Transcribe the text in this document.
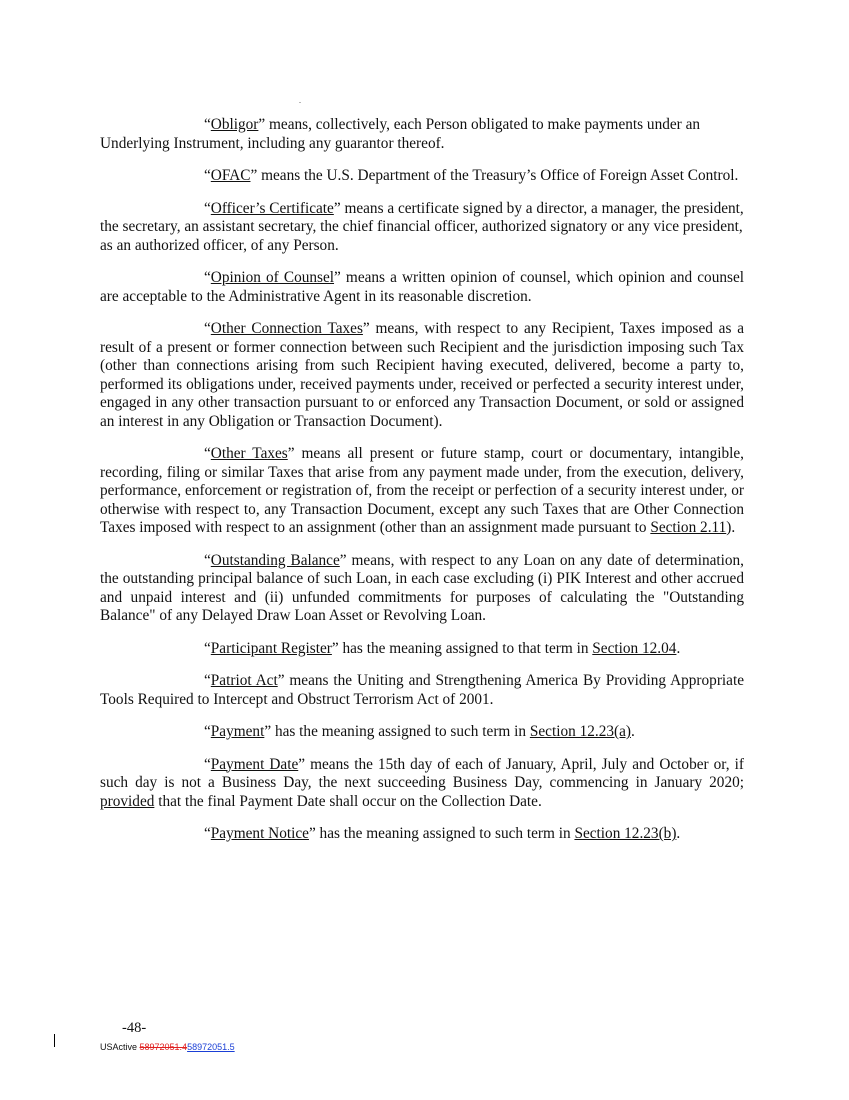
.

“Obligor” means, collectively, each Person obligated to make payments under an Underlying Instrument, including any guarantor thereof.

“OFAC” means the U.S. Department of the Treasury’s Office of Foreign Asset Control.

“Officer’s Certificate” means a certificate signed by a director, a manager, the president, the secretary, an assistant secretary, the chief financial officer, authorized signatory or any vice president, as an authorized officer, of any Person.

“Opinion of Counsel” means a written opinion of counsel, which opinion and counsel are acceptable to the Administrative Agent in its reasonable discretion.

“Other Connection Taxes” means, with respect to any Recipient, Taxes imposed as a result of a present or former connection between such Recipient and the jurisdiction imposing such Tax (other than connections arising from such Recipient having executed, delivered, become a party to, performed its obligations under, received payments under, received or perfected a security interest under, engaged in any other transaction pursuant to or enforced any Transaction Document, or sold or assigned an interest in any Obligation or Transaction Document).

“Other Taxes” means all present or future stamp, court or documentary, intangible, recording, filing or similar Taxes that arise from any payment made under, from the execution, delivery, performance, enforcement or registration of, from the receipt or perfection of a security interest under, or otherwise with respect to, any Transaction Document, except any such Taxes that are Other Connection Taxes imposed with respect to an assignment (other than an assignment made pursuant to Section 2.11).

“Outstanding Balance” means, with respect to any Loan on any date of determination, the outstanding principal balance of such Loan, in each case excluding (i) PIK Interest and other accrued and unpaid interest and (ii) unfunded commitments for purposes of calculating the "Outstanding Balance" of any Delayed Draw Loan Asset or Revolving Loan.

“Participant Register” has the meaning assigned to that term in Section 12.04.

“Patriot Act” means the Uniting and Strengthening America By Providing Appropriate Tools Required to Intercept and Obstruct Terrorism Act of 2001.

“Payment” has the meaning assigned to such term in Section 12.23(a).

“Payment Date” means the 15th day of each of January, April, July and October or, if such day is not a Business Day, the next succeeding Business Day, commencing in January 2020; provided that the final Payment Date shall occur on the Collection Date.

“Payment Notice” has the meaning assigned to such term in Section 12.23(b).

-48-
USActive 58972051.458972051.5
